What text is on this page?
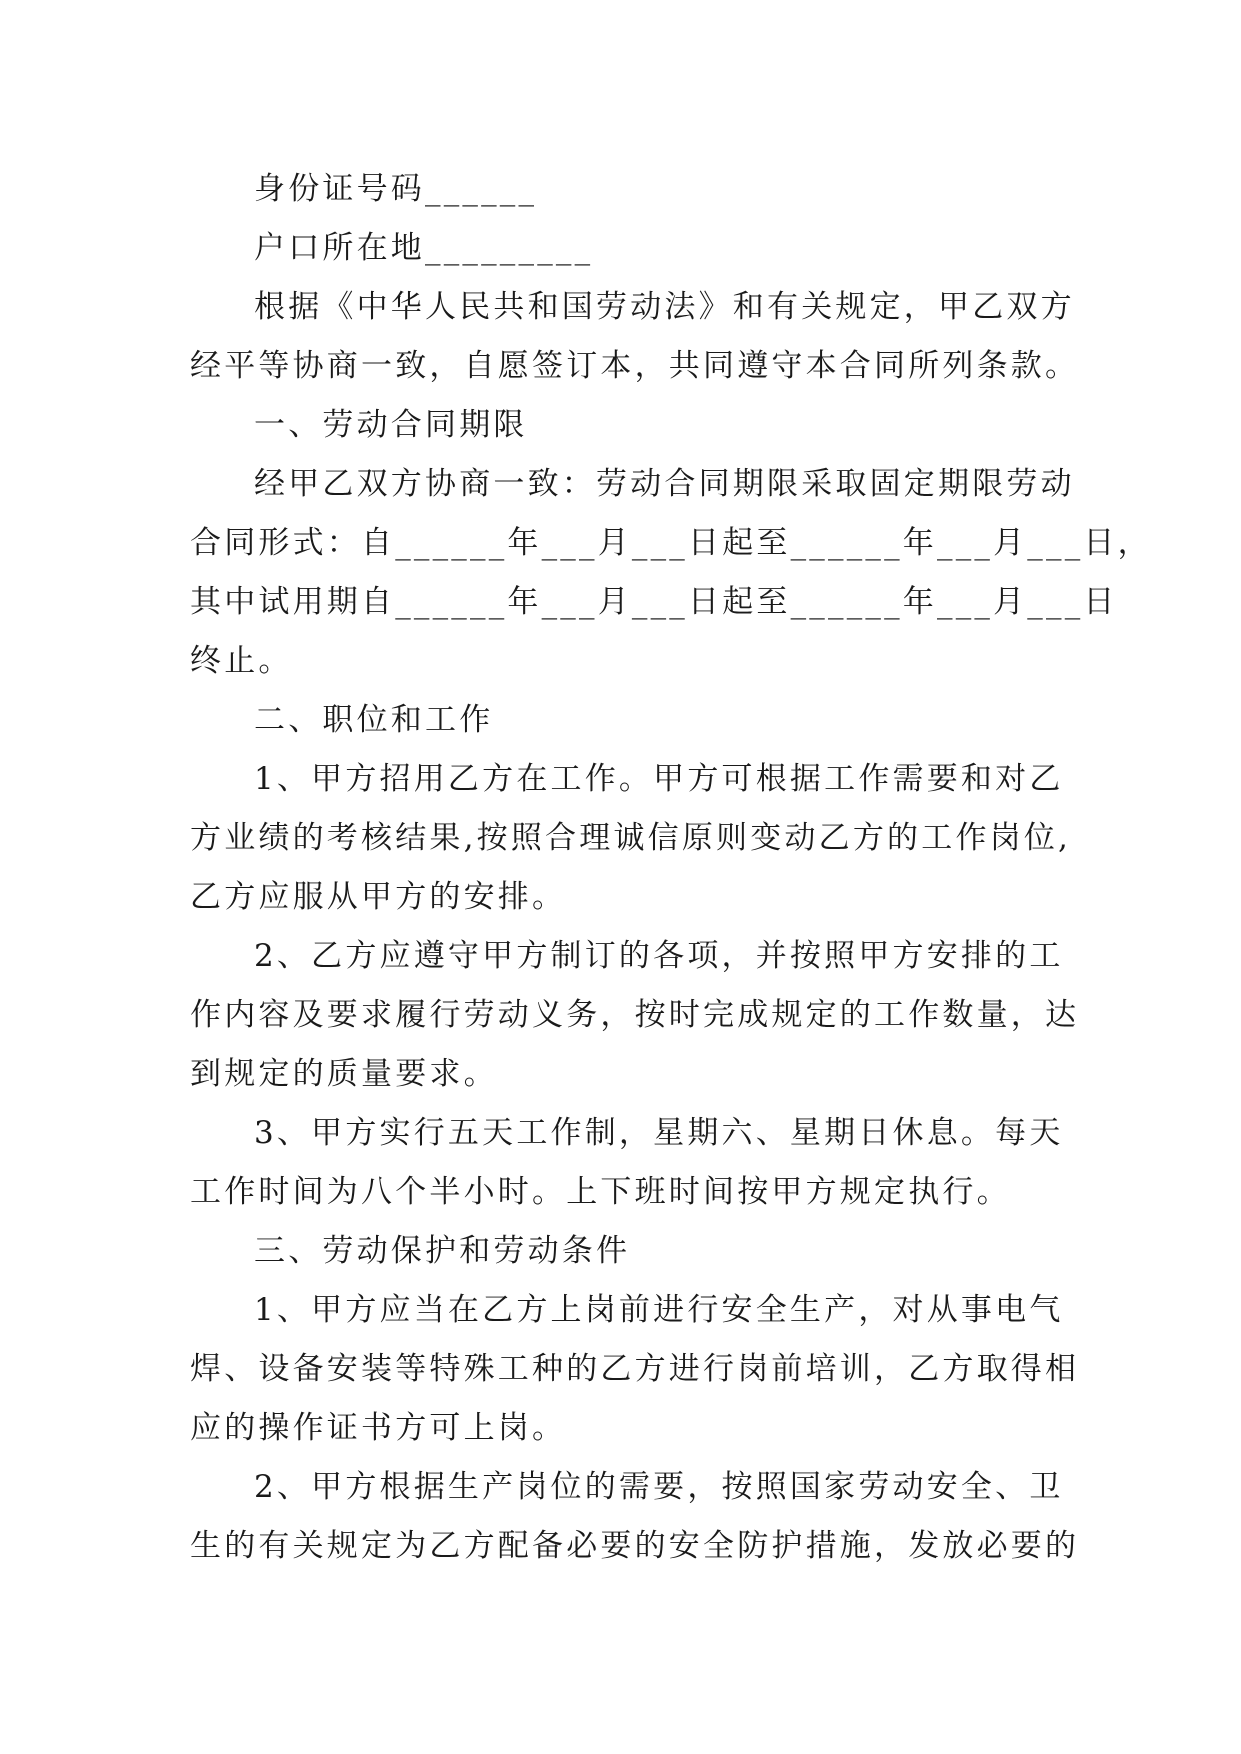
身份证号码______
户口所在地_________
根据《中华人民共和国劳动法》和有关规定，甲乙双方
经平等协商一致，自愿签订本，共同遵守本合同所列条款。
一、劳动合同期限
经甲乙双方协商一致：劳动合同期限采取固定期限劳动
合同形式：自______年___月___日起至______年___月___日，
其中试用期自______年___月___日起至______年___月___日
终止。
二、职位和工作
1、甲方招用乙方在工作。甲方可根据工作需要和对乙
方业绩的考核结果,按照合理诚信原则变动乙方的工作岗位,
乙方应服从甲方的安排。
2、乙方应遵守甲方制订的各项，并按照甲方安排的工
作内容及要求履行劳动义务，按时完成规定的工作数量，达
到规定的质量要求。
3、甲方实行五天工作制，星期六、星期日休息。每天
工作时间为八个半小时。上下班时间按甲方规定执行。
三、劳动保护和劳动条件
1、甲方应当在乙方上岗前进行安全生产，对从事电气
焊、设备安装等特殊工种的乙方进行岗前培训，乙方取得相
应的操作证书方可上岗。
2、甲方根据生产岗位的需要，按照国家劳动安全、卫
生的有关规定为乙方配备必要的安全防护措施，发放必要的
